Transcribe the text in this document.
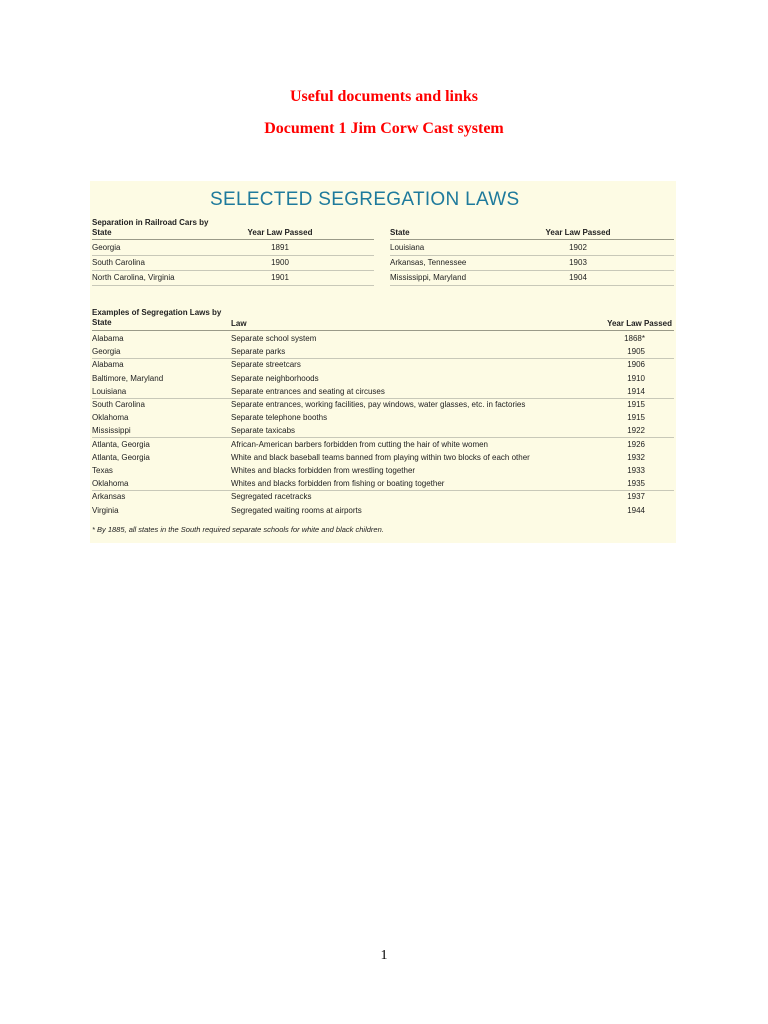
Useful documents and links
Document 1 Jim Corw Cast system
SELECTED SEGREGATION LAWS
Separation in Railroad Cars by State	Year Law Passed	State	Year Law Passed
Georgia	1891
South Carolina	1900
North Carolina, Virginia	1901
Louisiana	1902
Arkansas, Tennessee	1903
Mississippi, Maryland	1904
Examples of Segregation Laws by State	Law	Year Law Passed
Alabama	Separate school system	1868*
Georgia	Separate parks	1905
Alabama	Separate streetcars	1906
Baltimore, Maryland	Separate neighborhoods	1910
Louisiana	Separate entrances and seating at circuses	1914
South Carolina	Separate entrances, working facilities, pay windows, water glasses, etc. in factories	1915
Oklahoma	Separate telephone booths	1915
Mississippi	Separate taxicabs	1922
Atlanta, Georgia	African-American barbers forbidden from cutting the hair of white women	1926
Atlanta, Georgia	White and black baseball teams banned from playing within two blocks of each other	1932
Texas	Whites and blacks forbidden from wrestling together	1933
Oklahoma	Whites and blacks forbidden from fishing or boating together	1935
Arkansas	Segregated racetracks	1937
Virginia	Segregated waiting rooms at airports	1944
* By 1885, all states in the South required separate schools for white and black children.
1
